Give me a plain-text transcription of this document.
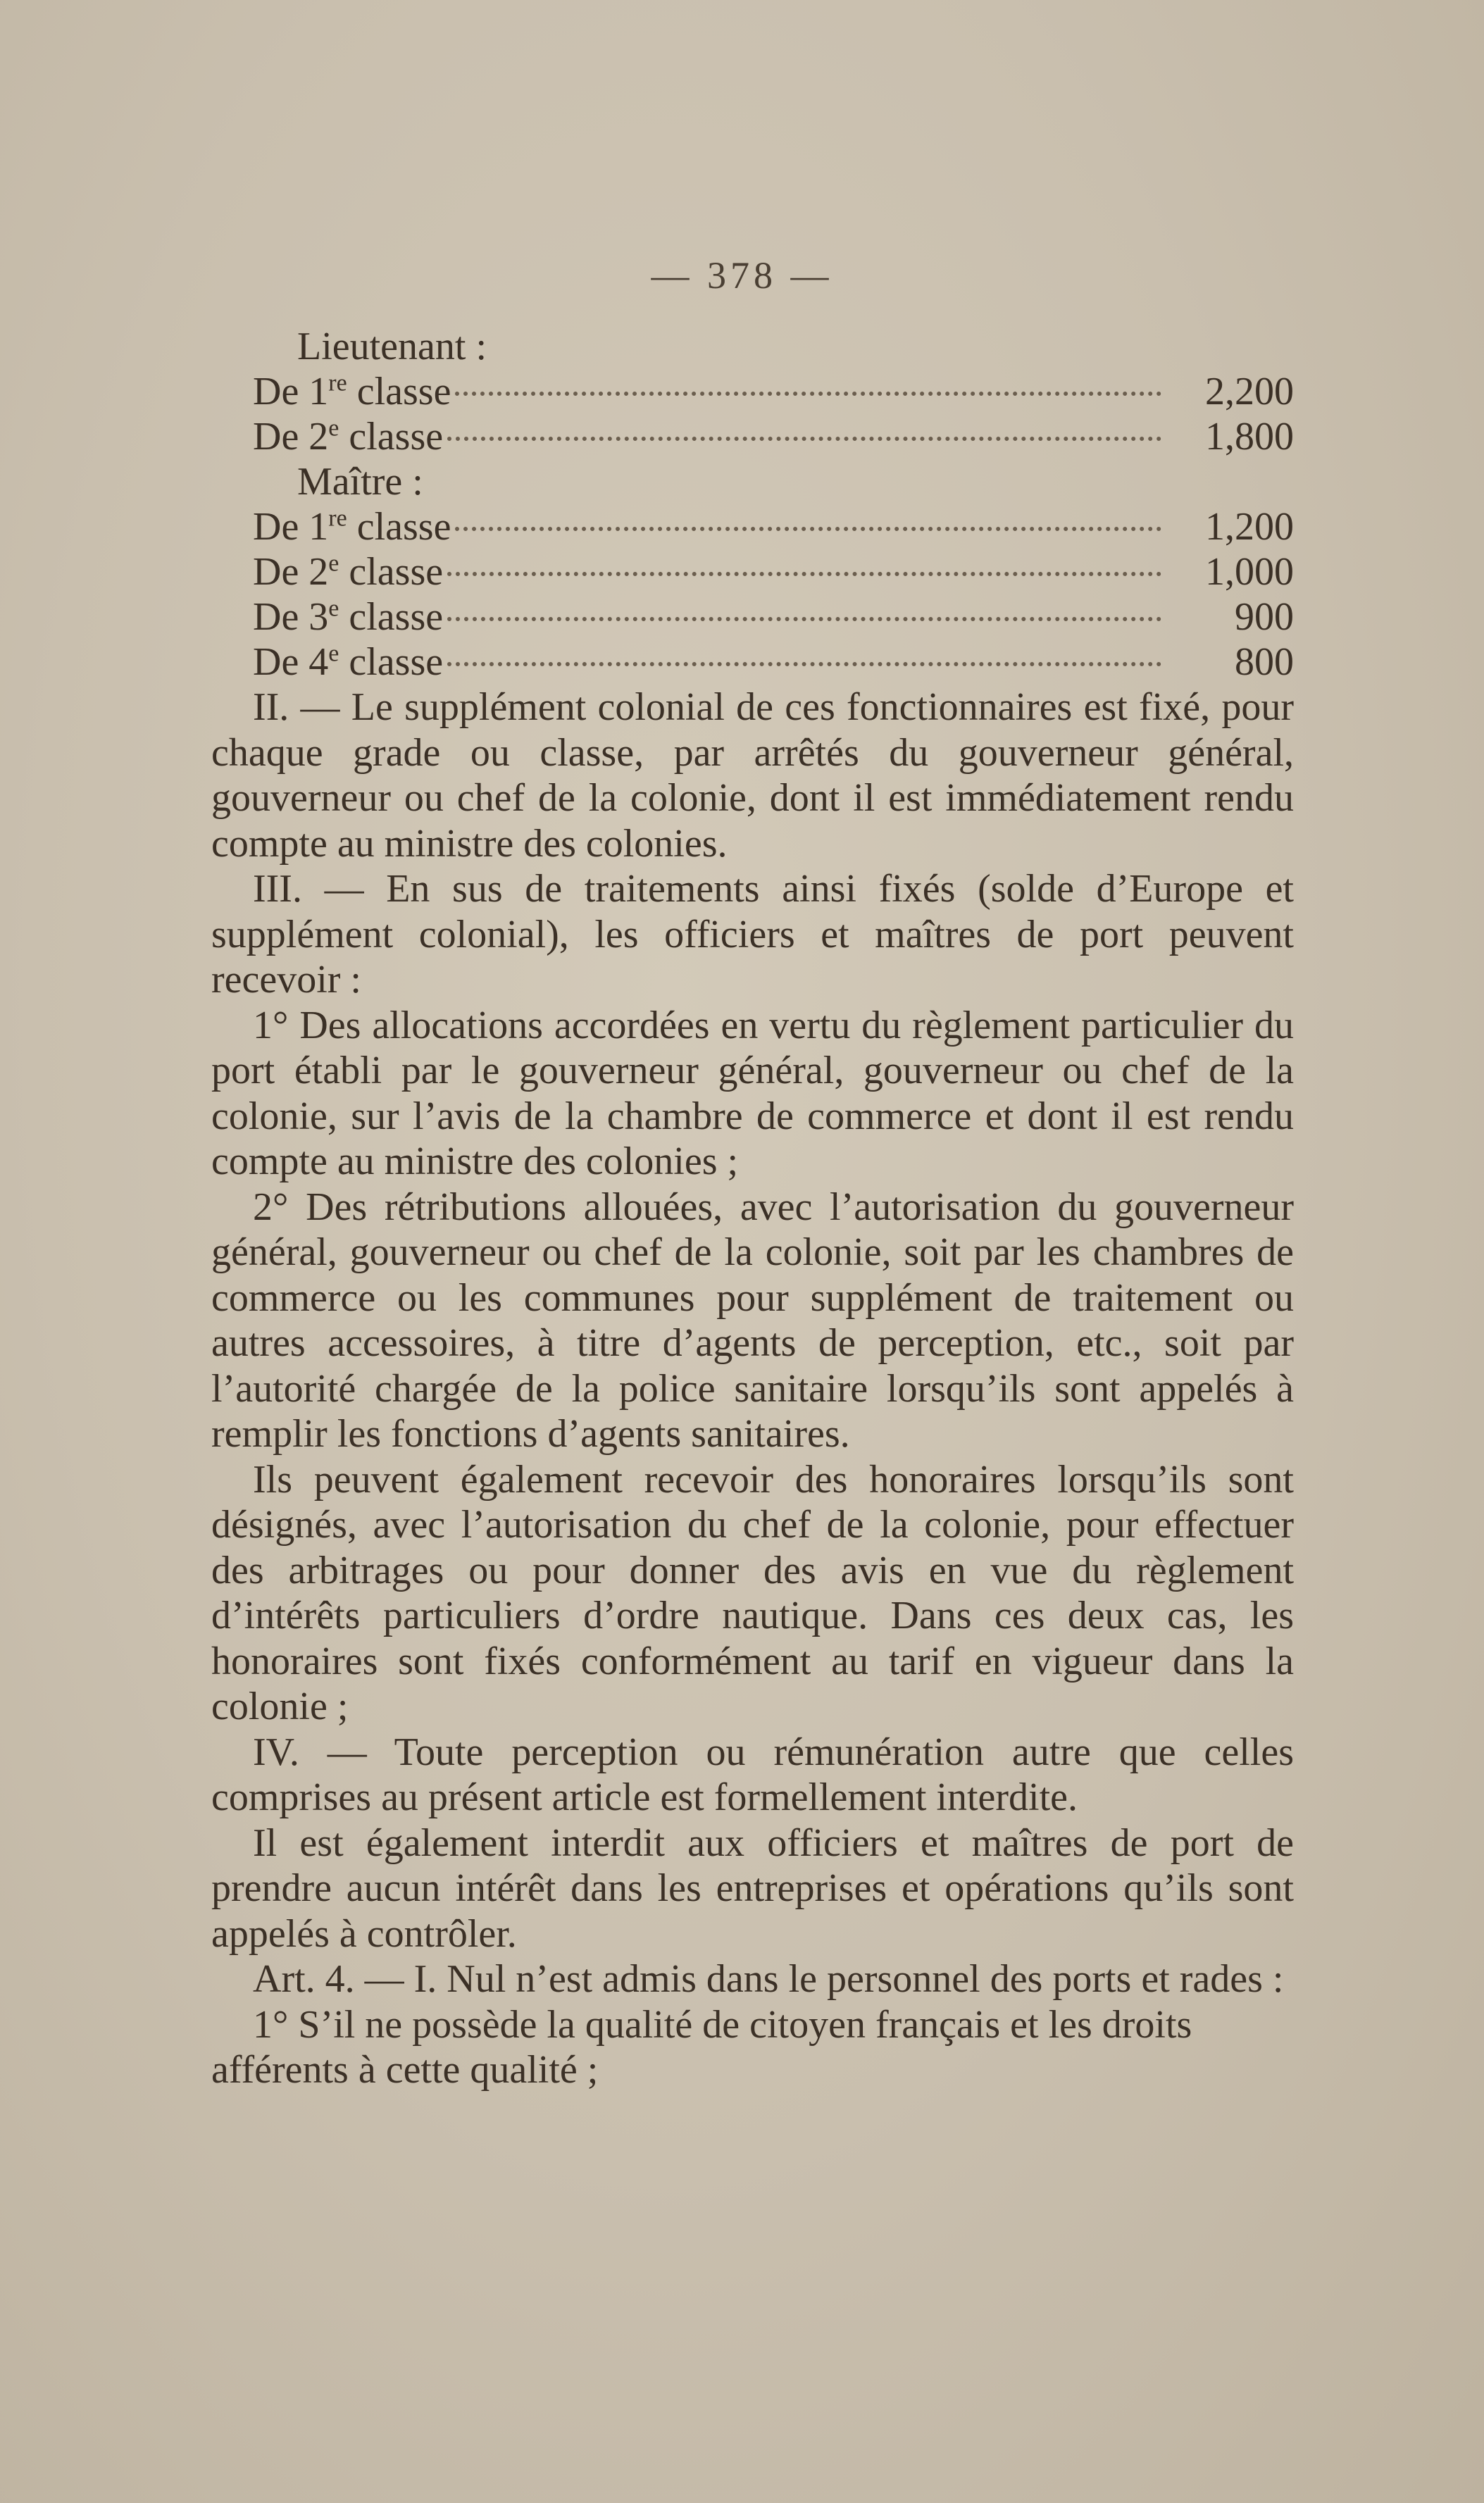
— 378 —
Lieutenant :
De 1re classe	2,200
De 2e classe	1,800
Maître :
De 1re classe	1,200
De 2e classe	1,000
De 3e classe	900
De 4e classe	800

II. — Le supplément colonial de ces fonctionnaires est fixé, pour chaque grade ou classe, par arrêtés du gouverneur général, gouverneur ou chef de la colonie, dont il est immédiatement rendu compte au ministre des colonies.

III. — En sus de traitements ainsi fixés (solde d’Europe et supplément colonial), les officiers et maîtres de port peuvent recevoir :

1° Des allocations accordées en vertu du règlement particulier du port établi par le gouverneur général, gouverneur ou chef de la colonie, sur l’avis de la chambre de commerce et dont il est rendu compte au ministre des colonies ;

2° Des rétributions allouées, avec l’autorisation du gouverneur général, gouverneur ou chef de la colonie, soit par les chambres de commerce ou les communes pour supplément de traitement ou autres accessoires, à titre d’agents de perception, etc., soit par l’autorité chargée de la police sanitaire lorsqu’ils sont appelés à remplir les fonctions d’agents sanitaires.

Ils peuvent également recevoir des honoraires lorsqu’ils sont désignés, avec l’autorisation du chef de la colonie, pour effectuer des arbitrages ou pour donner des avis en vue du règlement d’intérêts particuliers d’ordre nautique. Dans ces deux cas, les honoraires sont fixés conformément au tarif en vigueur dans la colonie ;

IV. — Toute perception ou rémunération autre que celles comprises au présent article est formellement interdite.

Il est également interdit aux officiers et maîtres de port de prendre aucun intérêt dans les entreprises et opérations qu’ils sont appelés à contrôler.

Art. 4. — I. Nul n’est admis dans le personnel des ports et rades :

1° S’il ne possède la qualité de citoyen français et les droits afférents à cette qualité ;
